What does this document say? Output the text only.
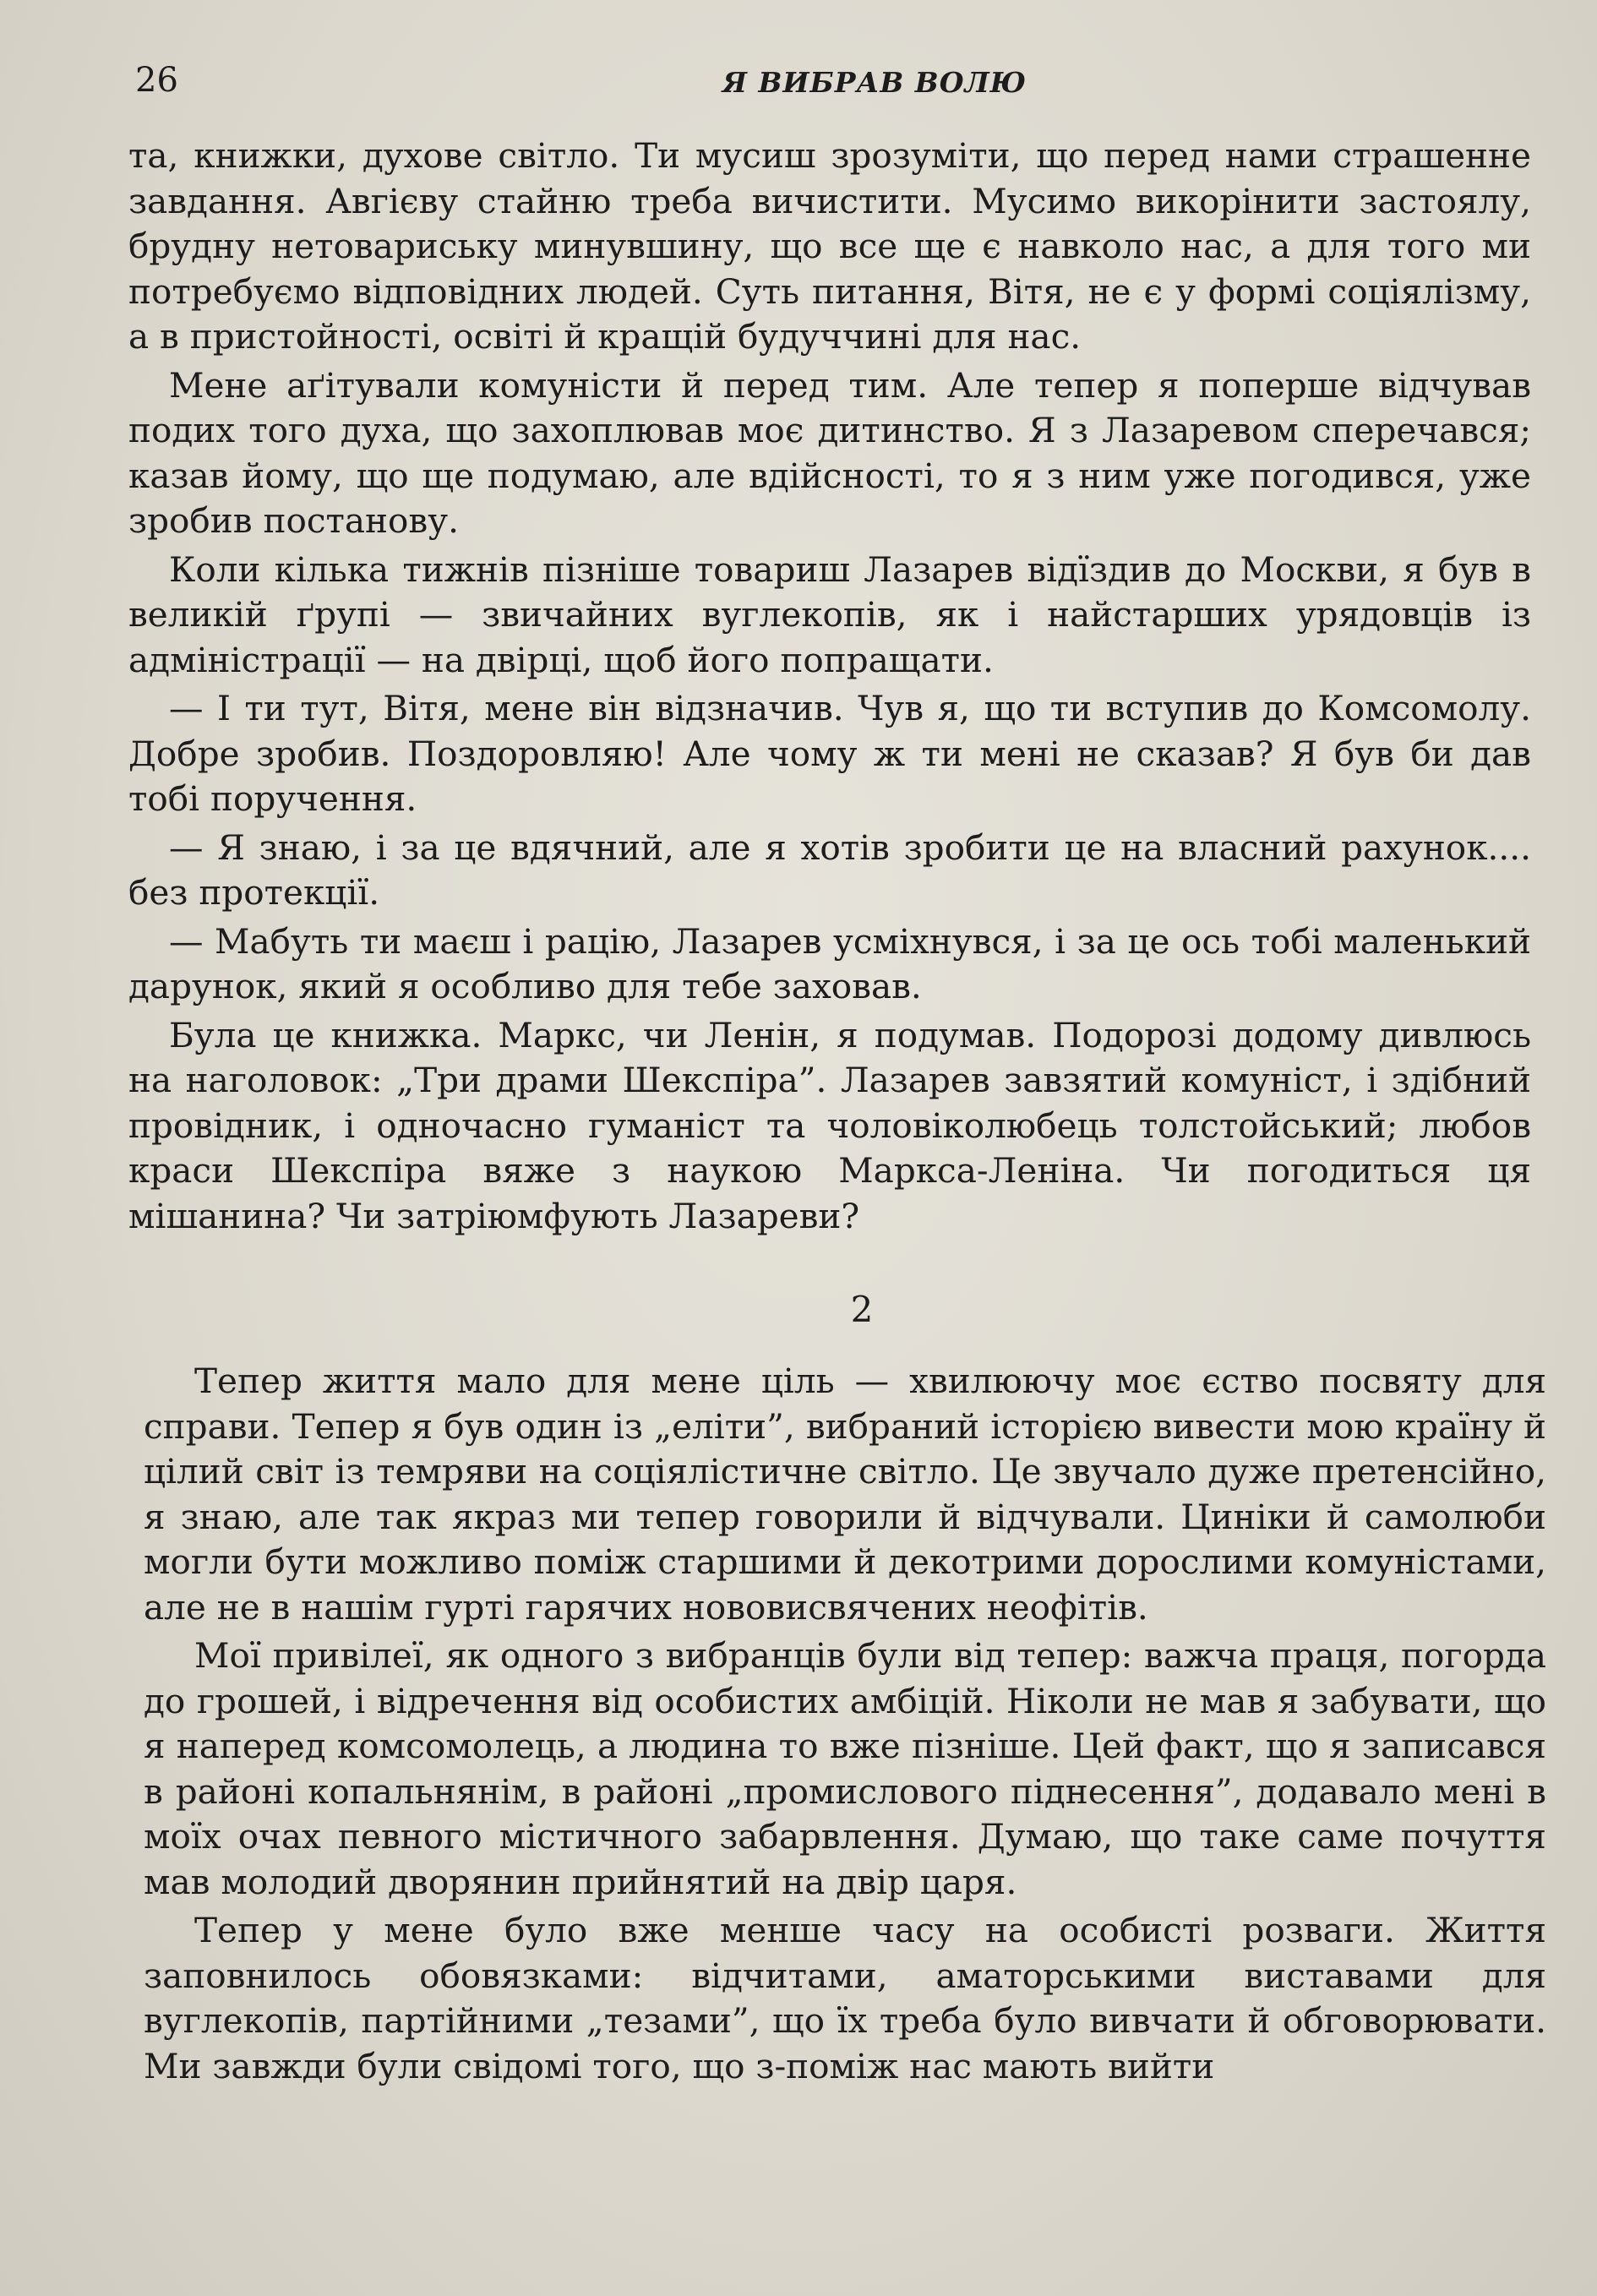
26	Я ВИБРАВ ВОЛЮ

та, книжки, духове світло. Ти мусиш зрозуміти, що перед нами страшенне завдання. Авгієву стайню треба вичистити. Мусимо викорінити застоялу, брудну нетовариську минувшину, що все ще є навколо нас, а для того ми потребуємо відповідних людей. Суть питання, Вітя, не є у формі соціялізму, а в пристойності, освіті й кращій будуччині для нас.

Мене аґітували комуністи й перед тим. Але тепер я поперше відчував подих того духа, що захоплював моє дитинство. Я з Лазаревом сперечався; казав йому, що ще подумаю, але вдійсності, то я з ним уже погодився, уже зробив постанову.

Коли кілька тижнів пізніше товариш Лазарев відїздив до Москви, я був в великій ґрупі — звичайних вуглекопів, як і найстарших урядовців із адміністрації — на двірці, щоб його попращати.

— І ти тут, Вітя, мене він відзначив. Чув я, що ти вступив до Комсомолу. Добре зробив. Поздоровляю! Але чому ж ти мені не сказав? Я був би дав тобі поручення.

— Я знаю, і за це вдячний, але я хотів зробити це на власний рахунок.... без протекції.

— Мабуть ти маєш і рацію, Лазарев усміхнувся, і за це ось тобі маленький дарунок, який я особливо для тебе заховав.

Була це книжка. Маркс, чи Ленін, я подумав. Подорозі додому дивлюсь на наголовок: „Три драми Шекспіра”. Лазарев завзятий комуніст, і здібний провідник, і одночасно гуманіст та чоловіколюбець толстойський; любов краси Шекспіра вяже з наукою Маркса-Леніна. Чи погодиться ця мішанина? Чи затріюмфують Лазареви?

2

Тепер життя мало для мене ціль — хвилюючу моє єство посвяту для справи. Тепер я був один із „еліти”, вибраний історією вивести мою країну й цілий світ із темряви на соціялістичне світло. Це звучало дуже претенсійно, я знаю, але так якраз ми тепер говорили й відчували. Циніки й самолюби могли бути можливо поміж старшими й декотрими дорослими комуністами, але не в нашім гурті гарячих нововисвячених неофітів.

Мої привілеї, як одного з вибранців були від тепер: важча праця, погорда до грошей, і відречення від особистих амбіцій. Ніколи не мав я забувати, що я наперед комсомолець, а людина то вже пізніше. Цей факт, що я записався в районі копальнянім, в районі „промислового піднесення”, додавало мені в моїх очах певного містичного забарвлення. Думаю, що таке саме почуття мав молодий дворянин прийнятий на двір царя.

Тепер у мене було вже менше часу на особисті розваги. Життя заповнилось обовязками: відчитами, аматорськими виставами для вуглекопів, партійними „тезами”, що їх треба було вивчати й обговорювати. Ми завжди були свідомі того, що з-поміж нас мають вийти
